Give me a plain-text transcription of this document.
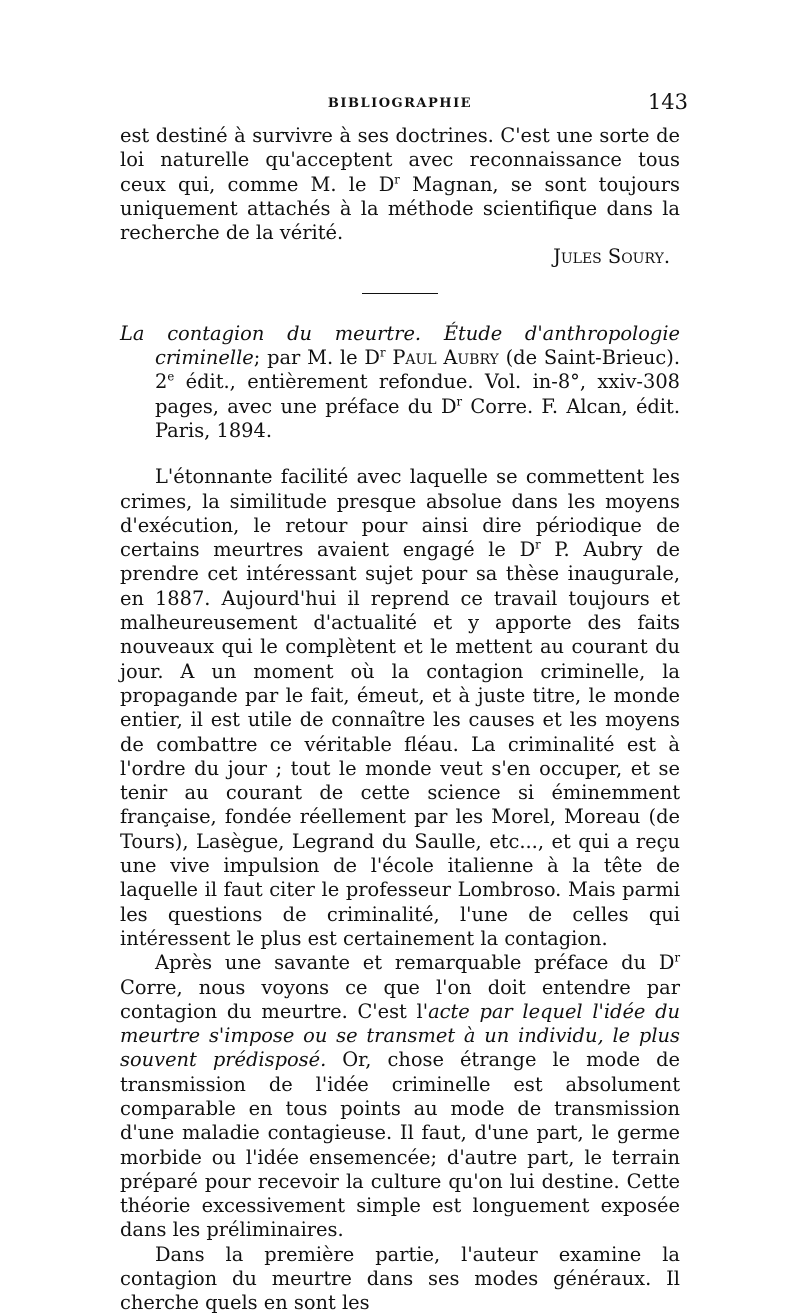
BIBLIOGRAPHIE	143

est destiné à survivre à ses doctrines. C'est une sorte de loi naturelle qu'acceptent avec reconnaissance tous ceux qui, comme M. le $D^r$ Magnan, se sont toujours uniquement attachés à la méthode scientifique dans la recherche de la vérité.

Jules Soury.

La contagion du meurtre. Étude d'anthropologie criminelle; par M. le $D^r$ Paul Aubry (de Saint-Brieuc). 2e édit., entièrement refondue. Vol. in-8°, xxiv-308 pages, avec une préface du $D^r$ Corre. F. Alcan, édit. Paris, 1894.

L'étonnante facilité avec laquelle se commettent les crimes, la similitude presque absolue dans les moyens d'exécution, le retour pour ainsi dire périodique de certains meurtres avaient engagé le $D^r$ P. Aubry de prendre cet intéressant sujet pour sa thèse inaugurale, en 1887. Aujourd'hui il reprend ce travail toujours et malheureusement d'actualité et y apporte des faits nouveaux qui le complètent et le mettent au courant du jour. A un moment où la contagion criminelle, la propagande par le fait, émeut, et à juste titre, le monde entier, il est utile de connaître les causes et les moyens de combattre ce véritable fléau. La criminalité est à l'ordre du jour ; tout le monde veut s'en occuper, et se tenir au courant de cette science si éminemment française, fondée réellement par les Morel, Moreau (de Tours), Lasègue, Legrand du Saulle, etc..., et qui a reçu une vive impulsion de l'école italienne à la tête de laquelle il faut citer le professeur Lombroso. Mais parmi les questions de criminalité, l'une de celles qui intéressent le plus est certainement la contagion.

Après une savante et remarquable préface du $D^r$ Corre, nous voyons ce que l'on doit entendre par contagion du meurtre. C'est l'acte par lequel l'idée du meurtre s'impose ou se transmet à un individu, le plus souvent prédisposé. Or, chose étrange le mode de transmission de l'idée criminelle est absolument comparable en tous points au mode de transmission d'une maladie contagieuse. Il faut, d'une part, le germe morbide ou l'idée ensemencée; d'autre part, le terrain préparé pour recevoir la culture qu'on lui destine. Cette théorie excessivement simple est longuement exposée dans les préliminaires.

Dans la première partie, l'auteur examine la contagion du meurtre dans ses modes généraux. Il cherche quels en sont les
